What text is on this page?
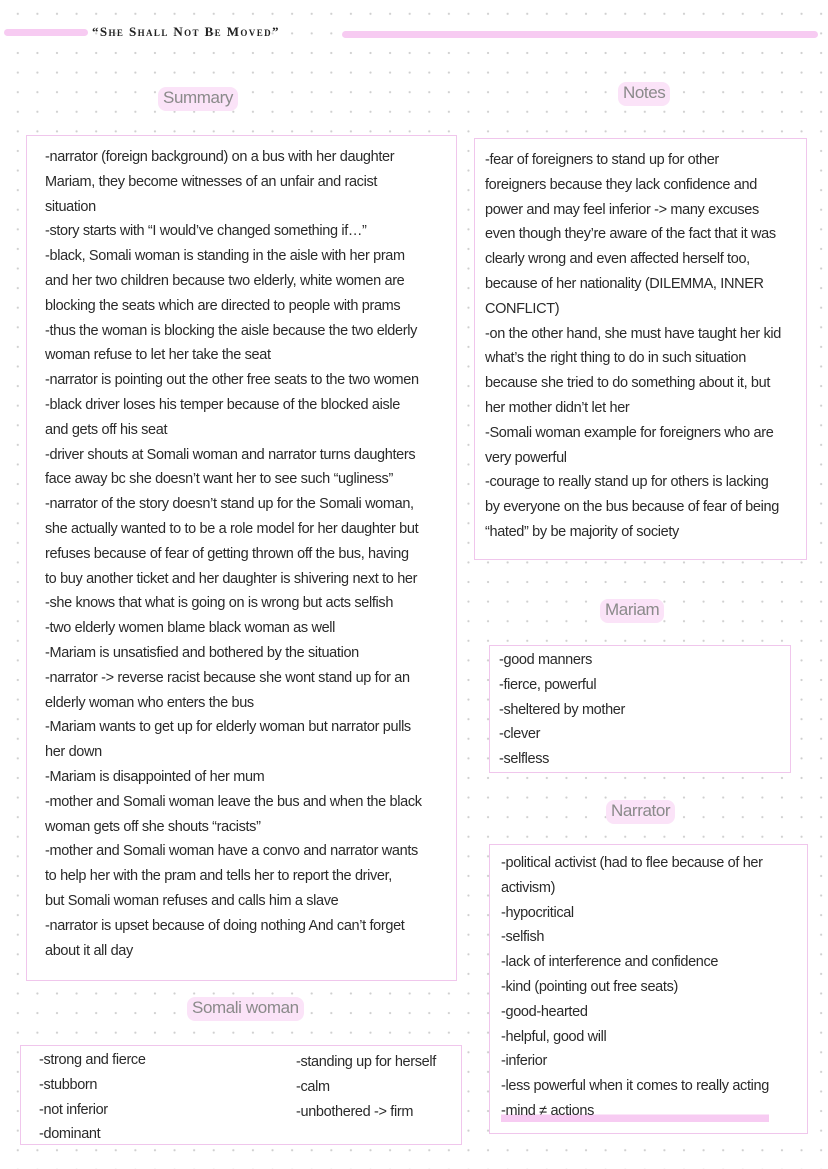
“She Shall Not Be Moved”
Summary
-narrator (foreign background) on a bus with her daughter
Mariam, they become witnesses of an unfair and racist
situation
-story starts with “I would’ve changed something if…”
-black, Somali woman is standing in the aisle with her pram
and her two children because two elderly, white women are
blocking the seats which are directed to people with prams
-thus the woman is blocking the aisle because the two elderly
woman refuse to let her take the seat
-narrator is pointing out the other free seats to the two women
-black driver loses his temper because of the blocked aisle
and gets off his seat
-driver shouts at Somali woman and narrator turns daughters
face away bc she doesn’t want her to see such “ugliness”
-narrator of the story doesn’t stand up for the Somali woman,
she actually wanted to to be a role model for her daughter but
refuses because of fear of getting thrown off the bus, having
to buy another ticket and her daughter is shivering next to her
-she knows that what is going on is wrong but acts selfish
-two elderly women blame black woman as well
-Mariam is unsatisfied and bothered by the situation
-narrator -> reverse racist because she wont stand up for an
elderly woman who enters the bus
-Mariam wants to get up for elderly woman but narrator pulls
her down
-Mariam is disappointed of her mum
-mother and Somali woman leave the bus and when the black
woman gets off she shouts “racists”
-mother and Somali woman have a convo and narrator wants
to help her with the pram and tells her to report the driver,
but Somali woman refuses and calls him a slave
-narrator is upset because of doing nothing And can’t forget
about it all day
Notes
-fear of foreigners to stand up for other
foreigners because they lack confidence and
power and may feel inferior -> many excuses
even though they’re aware of the fact that it was
clearly wrong and even affected herself too,
because of her nationality (DILEMMA, INNER
CONFLICT)
-on the other hand, she must have taught her kid
what’s the right thing to do in such situation
because she tried to do something about it, but
her mother didn’t let her
-Somali woman example for foreigners who are
very powerful
-courage to really stand up for others is lacking
by everyone on the bus because of fear of being
“hated” by be majority of society
Mariam
-good manners
-fierce, powerful
-sheltered by mother
-clever
-selfless
Narrator
-political activist (had to flee because of her
activism)
-hypocritical
-selfish
-lack of interference and confidence
-kind (pointing out free seats)
-good-hearted
-helpful, good will
-inferior
-less powerful when it comes to really acting
-mind ≠ actions
Somali woman
-strong and fierce
-stubborn
-not inferior
-dominant
-standing up for herself
-calm
-unbothered -> firm
